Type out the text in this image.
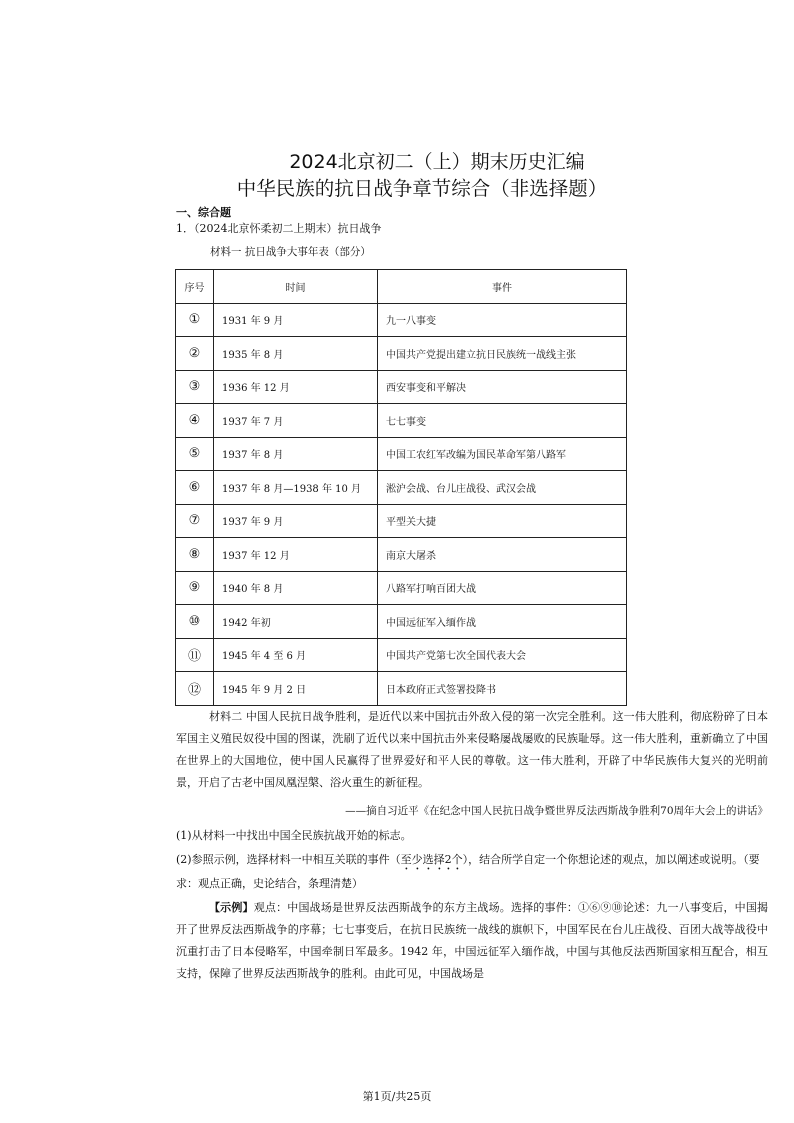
2024北京初二（上）期末历史汇编
中华民族的抗日战争章节综合（非选择题）
一、综合题
1．（2024北京怀柔初二上期末）抗日战争
材料一 抗日战争大事年表（部分）
序号	时间	事件
①	1931 年 9 月	九一八事变
②	1935 年 8 月	中国共产党提出建立抗日民族统一战线主张
③	1936 年 12 月	西安事变和平解决
④	1937 年 7 月	七七事变
⑤	1937 年 8 月	中国工农红军改编为国民革命军第八路军
⑥	1937 年 8 月—1938 年 10 月	淞沪会战、台儿庄战役、武汉会战
⑦	1937 年 9 月	平型关大捷
⑧	1937 年 12 月	南京大屠杀
⑨	1940 年 8 月	八路军打响百团大战
⑩	1942 年初	中国远征军入缅作战
⑪	1945 年 4 至 6 月	中国共产党第七次全国代表大会
⑫	1945 年 9 月 2 日	日本政府正式签署投降书
材料二 中国人民抗日战争胜利，是近代以来中国抗击外敌入侵的第一次完全胜利。这一伟大胜利，彻底粉碎了日本军国主义殖民奴役中国的图谋，洗刷了近代以来中国抗击外来侵略屡战屡败的民族耻辱。这一伟大胜利，重新确立了中国在世界上的大国地位，使中国人民赢得了世界爱好和平人民的尊敬。这一伟大胜利，开辟了中华民族伟大复兴的光明前景，开启了古老中国凤凰涅槃、浴火重生的新征程。
——摘自习近平《在纪念中国人民抗日战争暨世界反法西斯战争胜利70周年大会上的讲话》
(1)从材料一中找出中国全民族抗战开始的标志。
(2)参照示例，选择材料一中相互关联的事件（至少选择2个），结合所学自定一个你想论述的观点，加以阐述或说明。（要求：观点正确，史论结合，条理清楚）
【示例】观点：中国战场是世界反法西斯战争的东方主战场。选择的事件：①⑥⑨⑩论述：九一八事变后，中国揭开了世界反法西斯战争的序幕；七七事变后，在抗日民族统一战线的旗帜下，中国军民在台儿庄战役、百团大战等战役中沉重打击了日本侵略军，中国牵制日军最多。1942 年，中国远征军入缅作战，中国与其他反法西斯国家相互配合，相互支持，保障了世界反法西斯战争的胜利。由此可见，中国战场是
第1页/共25页
